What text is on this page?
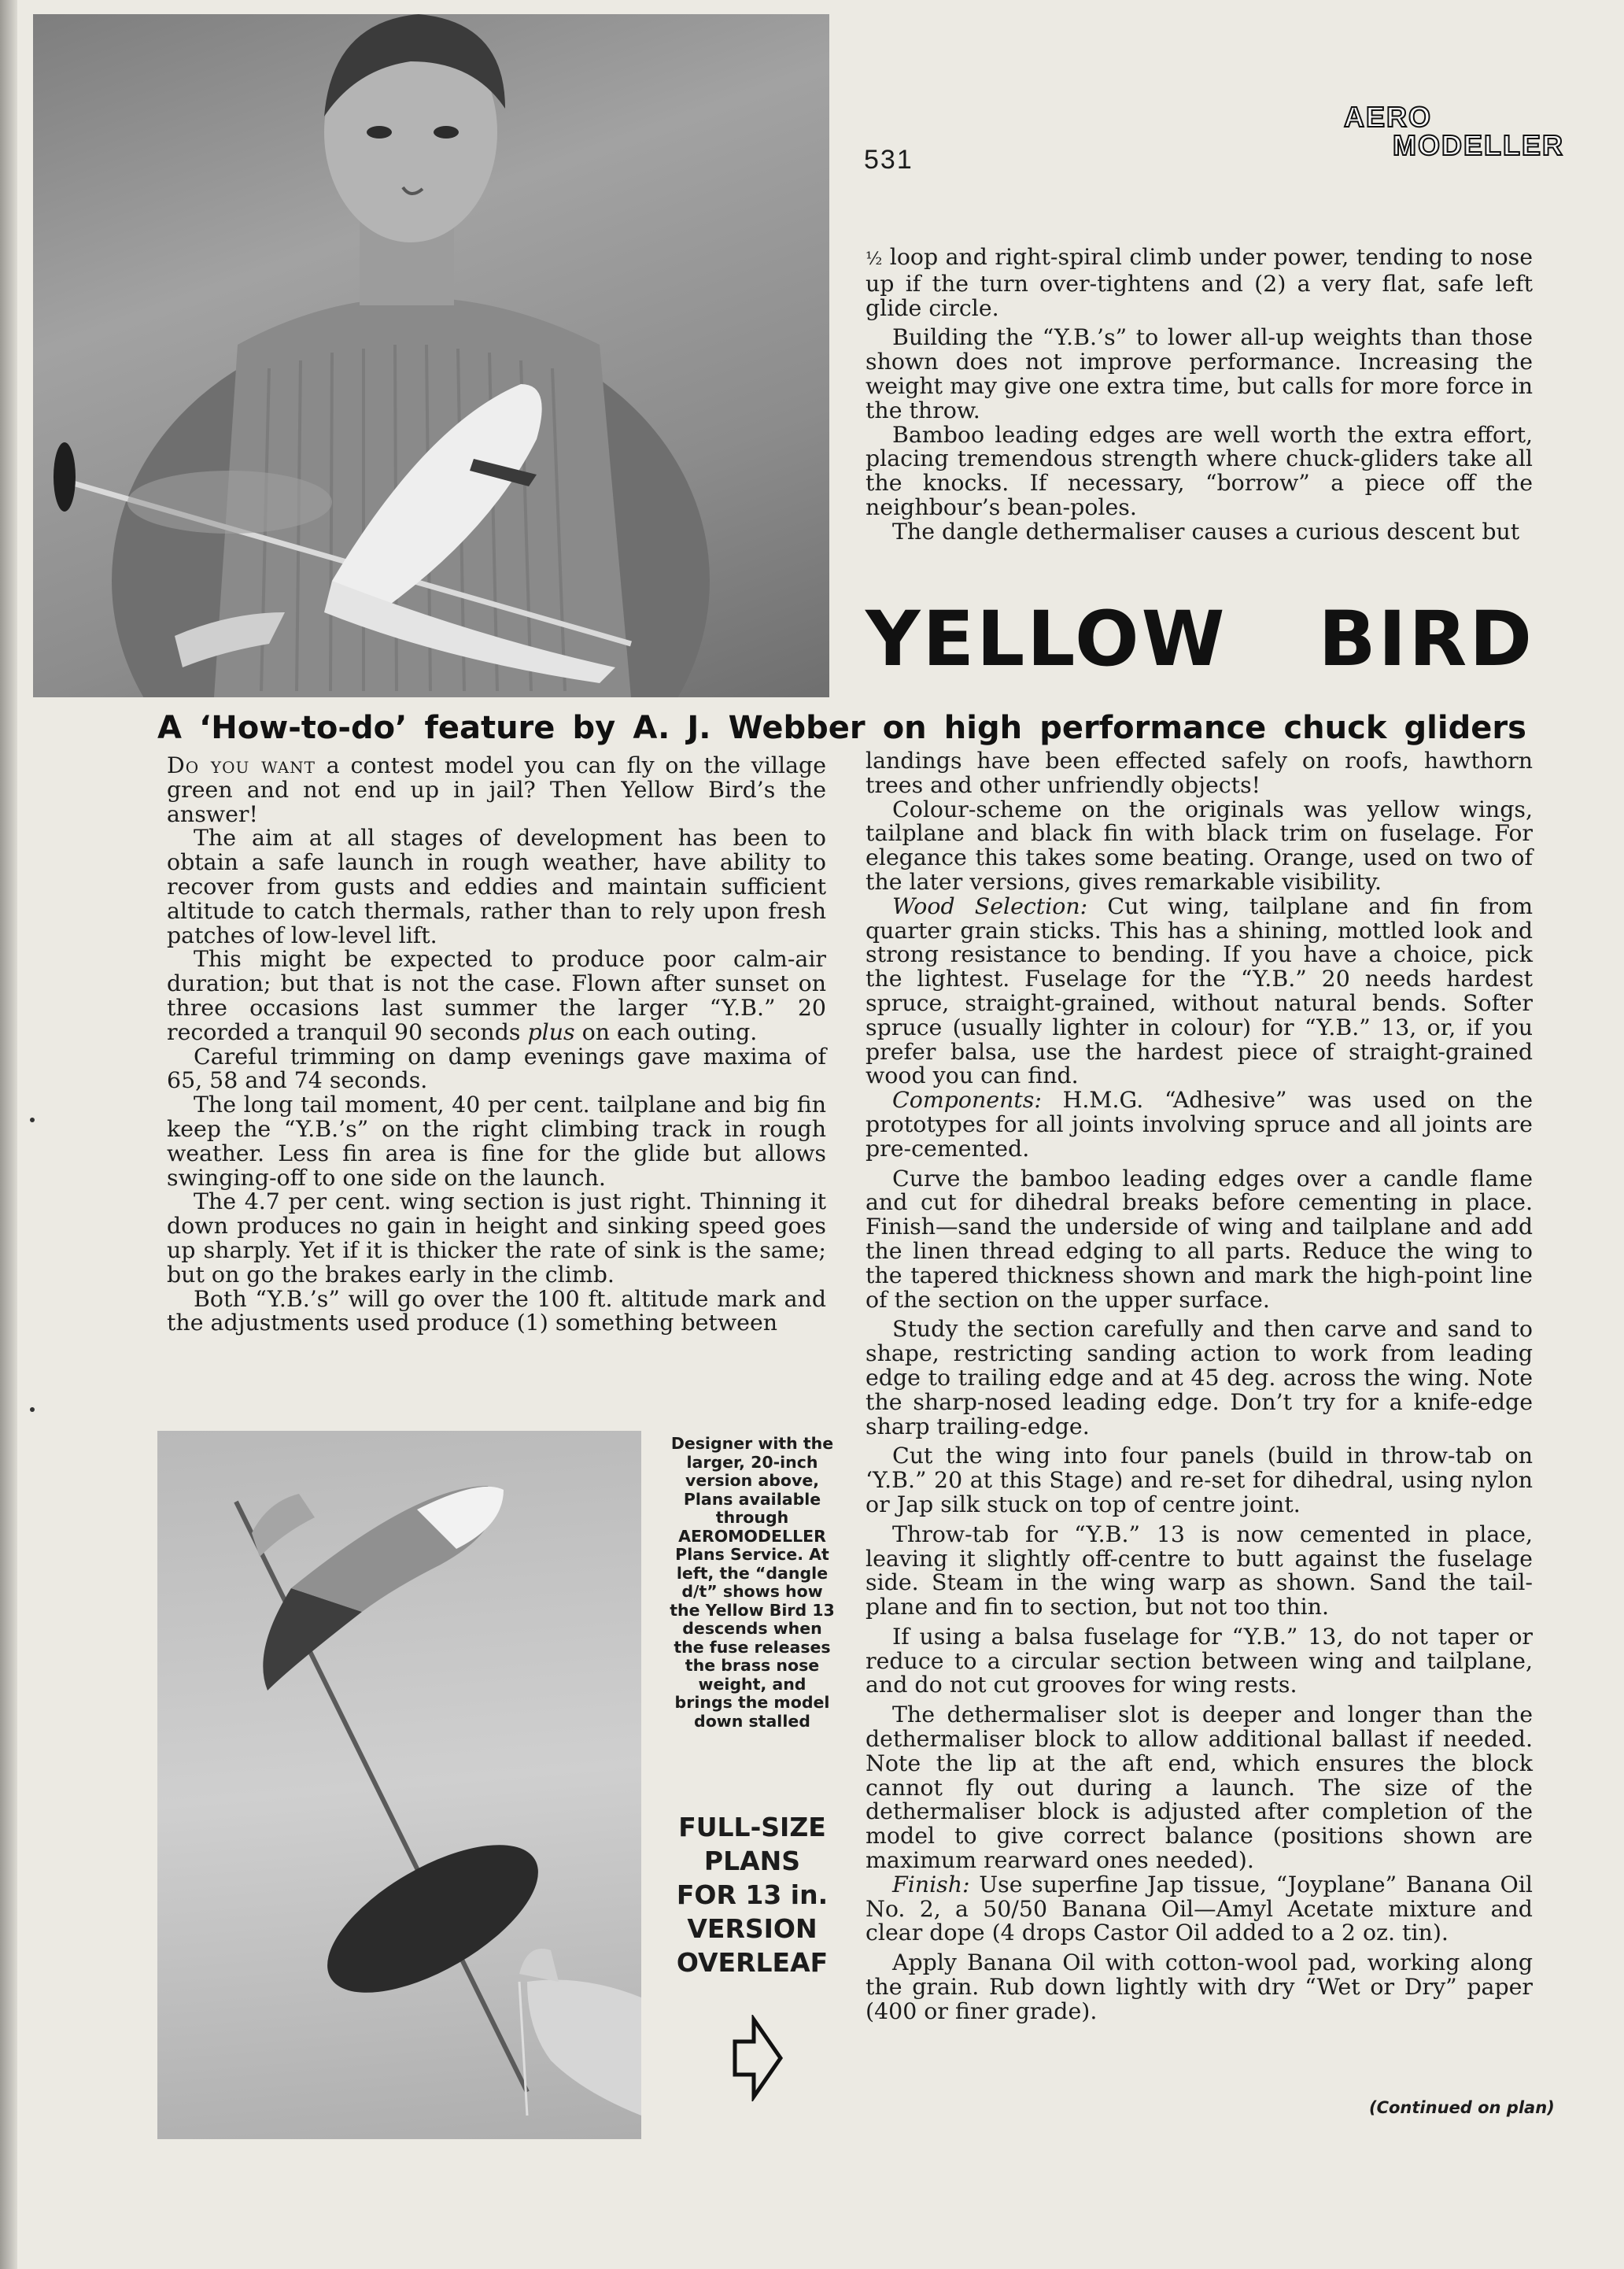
531
AERO
MODELLER

½ loop and right-spiral climb under power, tending to nose up if the turn over-tightens and (2) a very flat, safe left glide circle.

Building the “Y.B.’s” to lower all-up weights than those shown does not improve performance. Increasing the weight may give one extra time, but calls for more force in the throw.

Bamboo leading edges are well worth the extra effort, placing tremendous strength where chuck-gliders take all the knocks. If necessary, “borrow” a piece off the neighbour’s bean-poles.

The dangle dethermaliser causes a curious descent but

YELLOW BIRD
A ‘How-to-do’ feature by A. J. Webber on high performance chuck gliders

Do you want a contest model you can fly on the village green and not end up in jail? Then Yellow Bird’s the answer!

The aim at all stages of development has been to obtain a safe launch in rough weather, have ability to recover from gusts and eddies and maintain sufficient altitude to catch thermals, rather than to rely upon fresh patches of low-level lift.

This might be expected to produce poor calm-air duration; but that is not the case. Flown after sunset on three occasions last summer the larger “Y.B.” 20 recorded a tranquil 90 seconds plus on each outing.

Careful trimming on damp evenings gave maxima of 65, 58 and 74 seconds.

The long tail moment, 40 per cent. tailplane and big fin keep the “Y.B.’s” on the right climbing track in rough weather. Less fin area is fine for the glide but allows swinging-off to one side on the launch.

The 4.7 per cent. wing section is just right. Thinning it down produces no gain in height and sinking speed goes up sharply. Yet if it is thicker the rate of sink is the same; but on go the brakes early in the climb.

Both “Y.B.’s” will go over the 100 ft. altitude mark and the adjustments used produce (1) something between

Designer with the
larger, 20-inch
version above,
Plans available
through
AEROMODELLER
Plans Service. At
left, the “dangle
d/t” shows how
the Yellow Bird 13
descends when
the fuse releases
the brass nose
weight, and
brings the model
down stalled
FULL-SIZE
PLANS
FOR 13 in.
VERSION
OVERLEAF

landings have been effected safely on roofs, hawthorn trees and other unfriendly objects!

Colour-scheme on the originals was yellow wings, tailplane and black fin with black trim on fuselage. For elegance this takes some beating. Orange, used on two of the later versions, gives remarkable visibility.

Wood Selection: Cut wing, tailplane and fin from quarter grain sticks. This has a shining, mottled look and strong resistance to bending. If you have a choice, pick the lightest. Fuselage for the “Y.B.” 20 needs hardest spruce, straight-grained, without natural bends. Softer spruce (usually lighter in colour) for “Y.B.” 13, or, if you prefer balsa, use the hardest piece of straight-grained wood you can find.

Components: H.M.G. “Adhesive” was used on the prototypes for all joints involving spruce and all joints are pre-cemented.

Curve the bamboo leading edges over a candle flame and cut for dihedral breaks before cementing in place. Finish—sand the underside of wing and tailplane and add the linen thread edging to all parts. Reduce the wing to the tapered thickness shown and mark the high-point line of the section on the upper surface.

Study the section carefully and then carve and sand to shape, restricting sanding action to work from leading edge to trailing edge and at 45 deg. across the wing. Note the sharp-nosed leading edge. Don’t try for a knife-edge sharp trailing-edge.

Cut the wing into four panels (build in throw-tab on ‘Y.B.” 20 at this Stage) and re-set for dihedral, using nylon or Jap silk stuck on top of centre joint.

Throw-tab for “Y.B.” 13 is now cemented in place, leaving it slightly off-centre to butt against the fuselage side. Steam in the wing warp as shown. Sand the tail-plane and fin to section, but not too thin.

If using a balsa fuselage for “Y.B.” 13, do not taper or reduce to a circular section between wing and tailplane, and do not cut grooves for wing rests.

The dethermaliser slot is deeper and longer than the dethermaliser block to allow additional ballast if needed. Note the lip at the aft end, which ensures the block cannot fly out during a launch. The size of the dethermaliser block is adjusted after completion of the model to give correct balance (positions shown are maximum rearward ones needed).

Finish: Use superfine Jap tissue, “Joyplane” Banana Oil No. 2, a 50/50 Banana Oil—Amyl Acetate mixture and clear dope (4 drops Castor Oil added to a 2 oz. tin).

Apply Banana Oil with cotton-wool pad, working along the grain. Rub down lightly with dry “Wet or Dry” paper (400 or finer grade).

(Continued on plan)
